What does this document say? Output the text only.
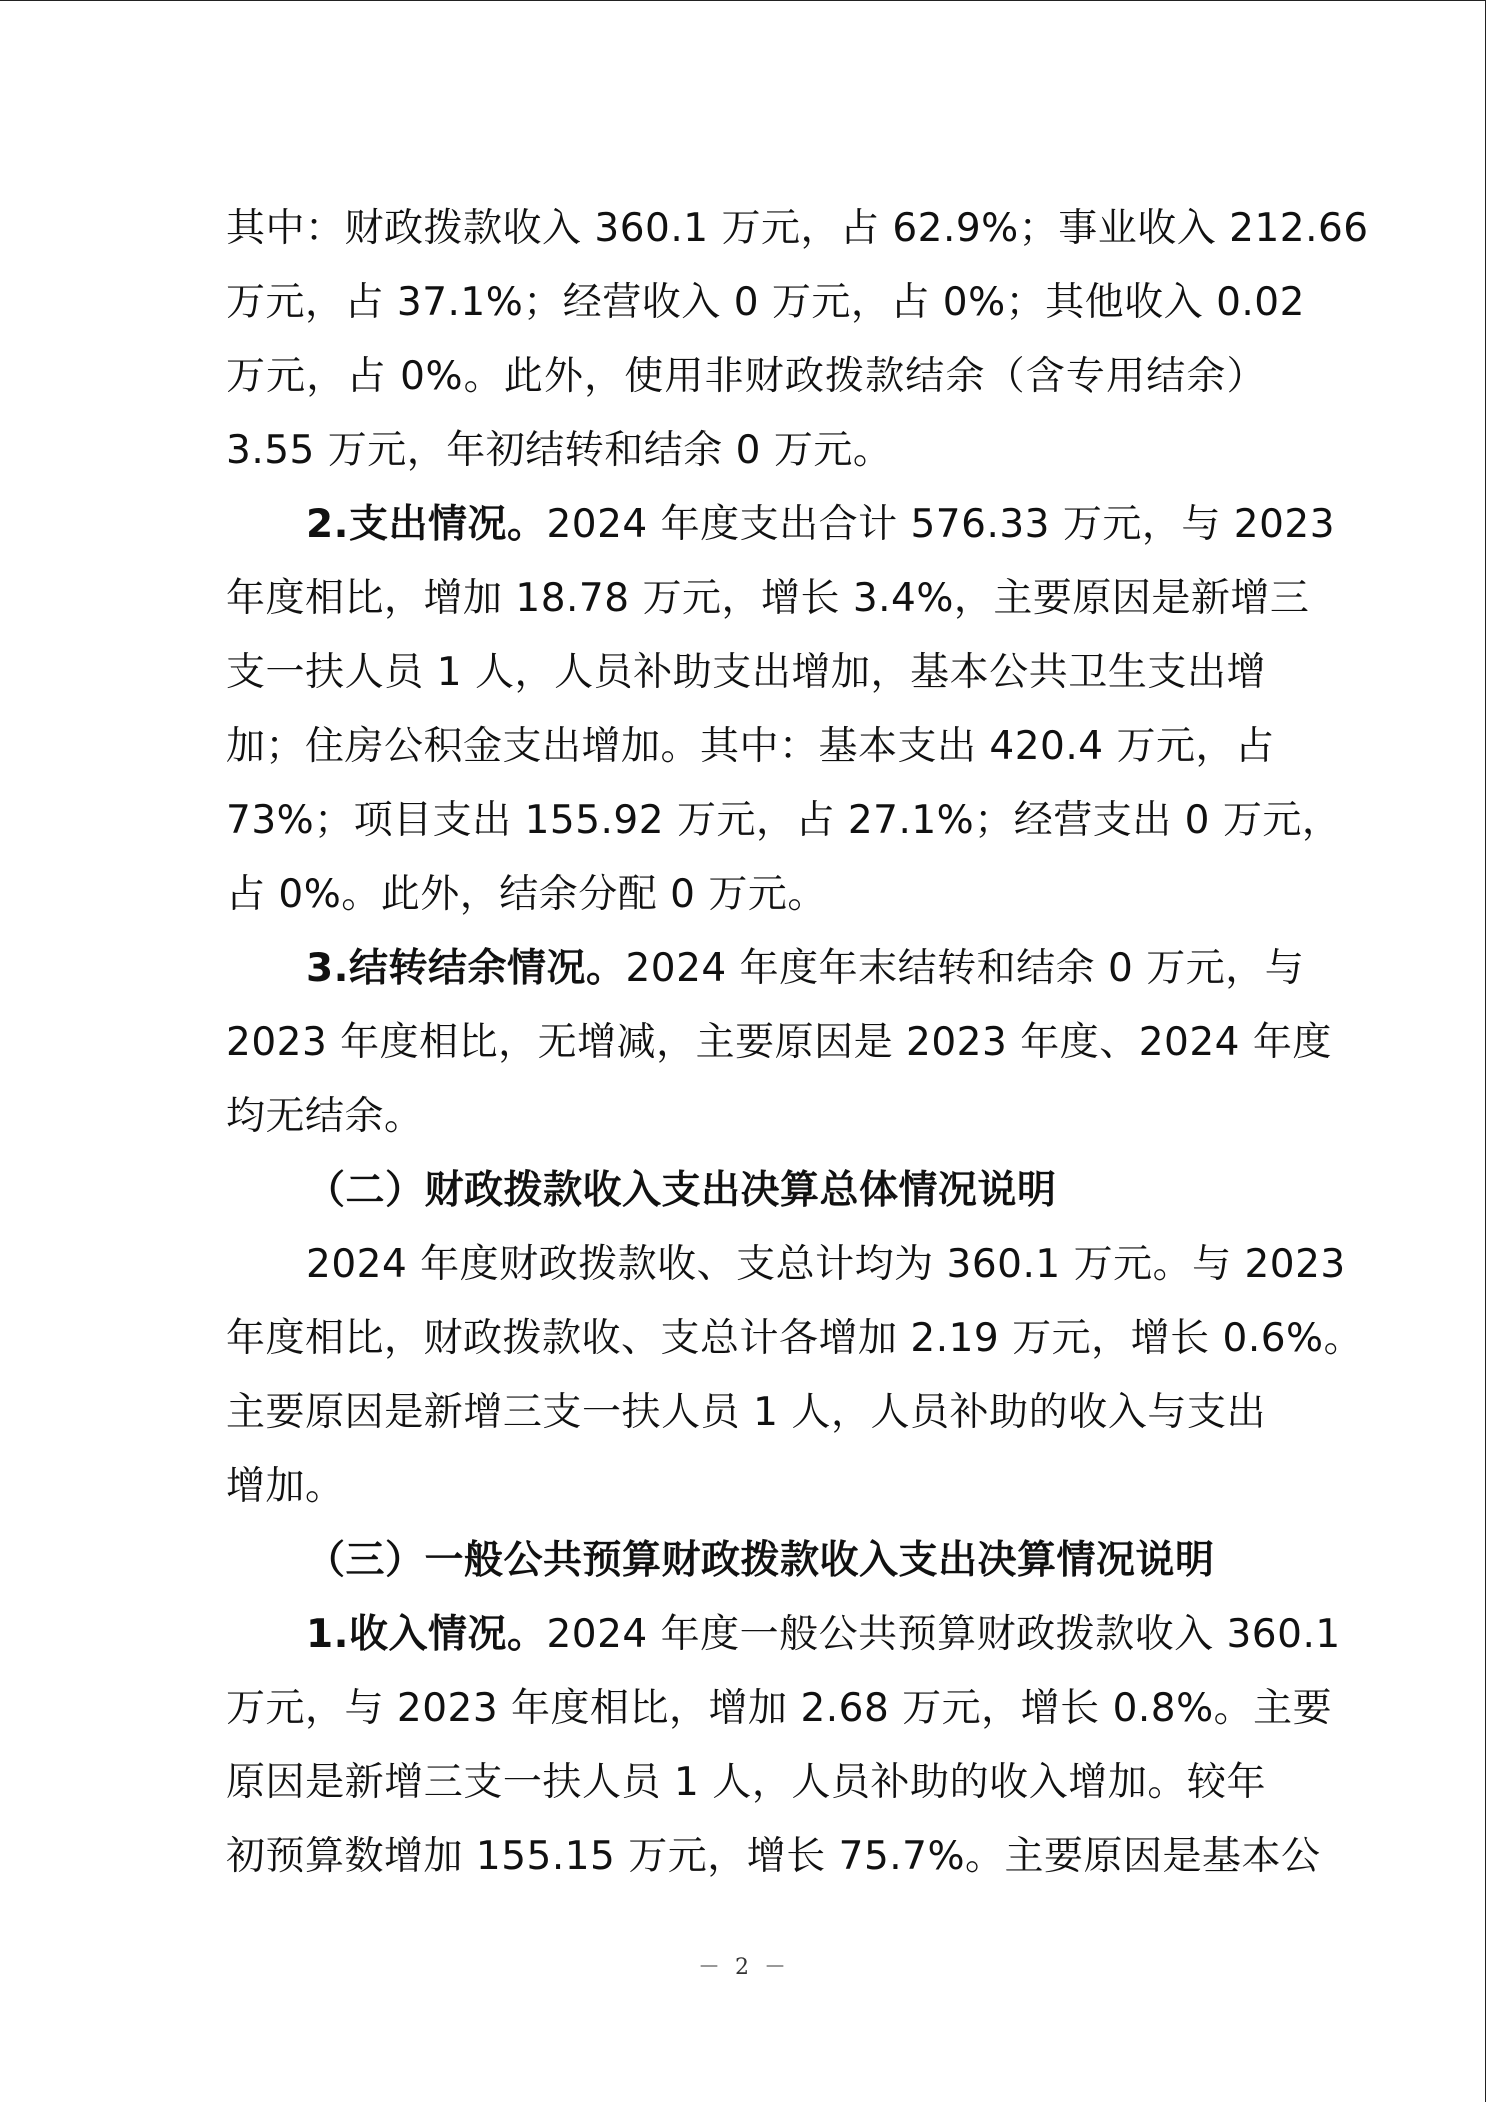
其中：财政拨款收入 360.1 万元，占 62.9%；事业收入 212.66
万元，占 37.1%；经营收入 0 万元，占 0%；其他收入 0.02
万元，占 0%。此外，使用非财政拨款结余（含专用结余）
3.55 万元，年初结转和结余 0 万元。
2.支出情况。2024 年度支出合计 576.33 万元，与 2023
年度相比，增加 18.78 万元，增长 3.4%，主要原因是新增三
支一扶人员 1 人，人员补助支出增加，基本公共卫生支出增
加；住房公积金支出增加。其中：基本支出 420.4 万元，占
73%；项目支出 155.92 万元，占 27.1%；经营支出 0 万元，
占 0%。此外，结余分配 0 万元。
3.结转结余情况。2024 年度年末结转和结余 0 万元，与
2023 年度相比，无增减，主要原因是 2023 年度、2024 年度
均无结余。
（二）财政拨款收入支出决算总体情况说明
2024 年度财政拨款收、支总计均为 360.1 万元。与 2023
年度相比，财政拨款收、支总计各增加 2.19 万元，增长 0.6%。
主要原因是新增三支一扶人员 1 人，人员补助的收入与支出
增加。
（三）一般公共预算财政拨款收入支出决算情况说明
1.收入情况。2024 年度一般公共预算财政拨款收入 360.1
万元，与 2023 年度相比，增加 2.68 万元，增长 0.8%。主要
原因是新增三支一扶人员 1 人，人员补助的收入增加。较年
初预算数增加 155.15 万元，增长 75.7%。主要原因是基本公
－ 2 －
